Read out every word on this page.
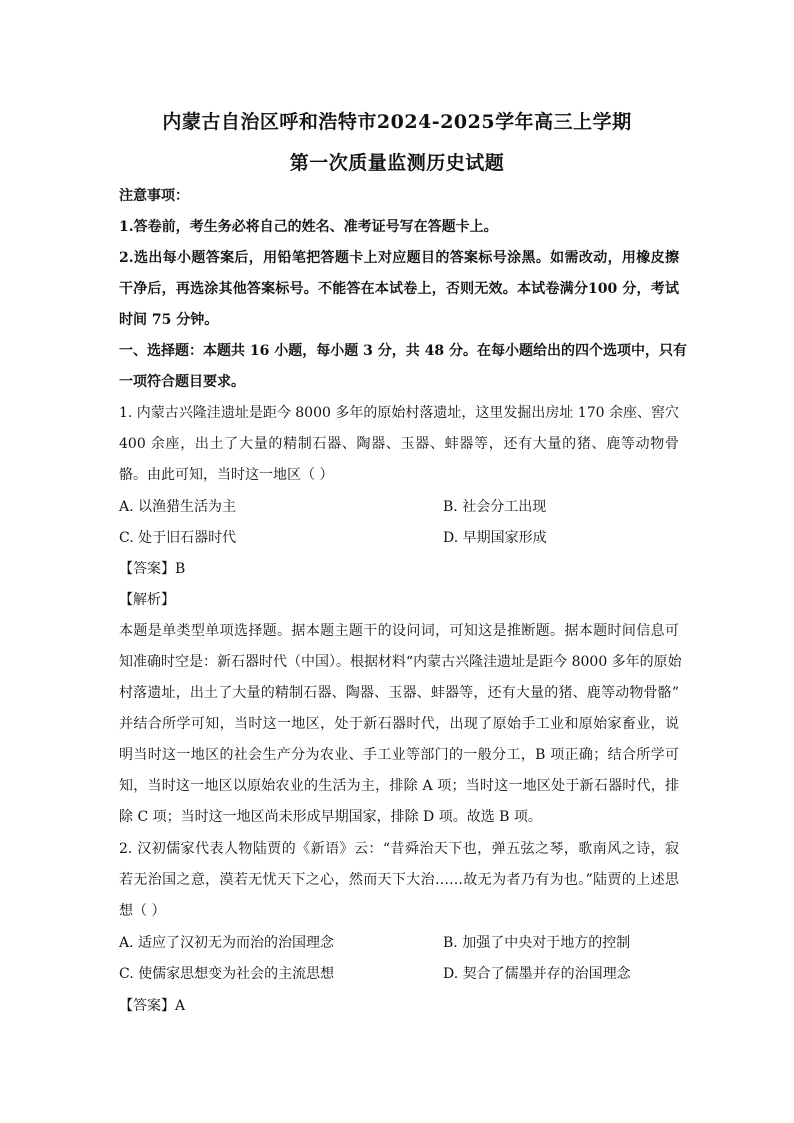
内蒙古自治区呼和浩特市2024-2025学年高三上学期
第一次质量监测历史试题
注意事项：
1.答卷前，考生务必将自己的姓名、准考证号写在答题卡上。
2.选出每小题答案后，用铅笔把答题卡上对应题目的答案标号涂黑。如需改动，用橡皮擦
干净后，再选涂其他答案标号。不能答在本试卷上，否则无效。本试卷满分100 分，考试
时间 75 分钟。
一、选择题：本题共 16 小题，每小题 3 分，共 48 分。在每小题给出的四个选项中，只有
一项符合题目要求。
1. 内蒙古兴隆洼遗址是距今 8000 多年的原始村落遗址，这里发掘出房址 170 余座、窖穴
400 余座，出土了大量的精制石器、陶器、玉器、蚌器等，还有大量的猪、鹿等动物骨
骼。由此可知，当时这一地区（ ）
A. 以渔猎生活为主	B. 社会分工出现
C. 处于旧石器时代	D. 早期国家形成
【答案】B
【解析】
本题是单类型单项选择题。据本题主题干的设问词，可知这是推断题。据本题时间信息可
知准确时空是：新石器时代（中国）。根据材料“内蒙古兴隆洼遗址是距今 8000 多年的原始
村落遗址，出土了大量的精制石器、陶器、玉器、蚌器等，还有大量的猪、鹿等动物骨骼”
并结合所学可知，当时这一地区，处于新石器时代，出现了原始手工业和原始家畜业，说
明当时这一地区的社会生产分为农业、手工业等部门的一般分工，B 项正确；结合所学可
知，当时这一地区以原始农业的生活为主，排除 A 项；当时这一地区处于新石器时代，排
除 C 项；当时这一地区尚未形成早期国家，排除 D 项。故选 B 项。
2. 汉初儒家代表人物陆贾的《新语》云：“昔舜治天下也，弹五弦之琴，歌南风之诗，寂
若无治国之意，漠若无忧天下之心，然而天下大治……故无为者乃有为也。”陆贾的上述思
想（ ）
A. 适应了汉初无为而治的治国理念	B. 加强了中央对于地方的控制
C. 使儒家思想变为社会的主流思想	D. 契合了儒墨并存的治国理念
【答案】A
